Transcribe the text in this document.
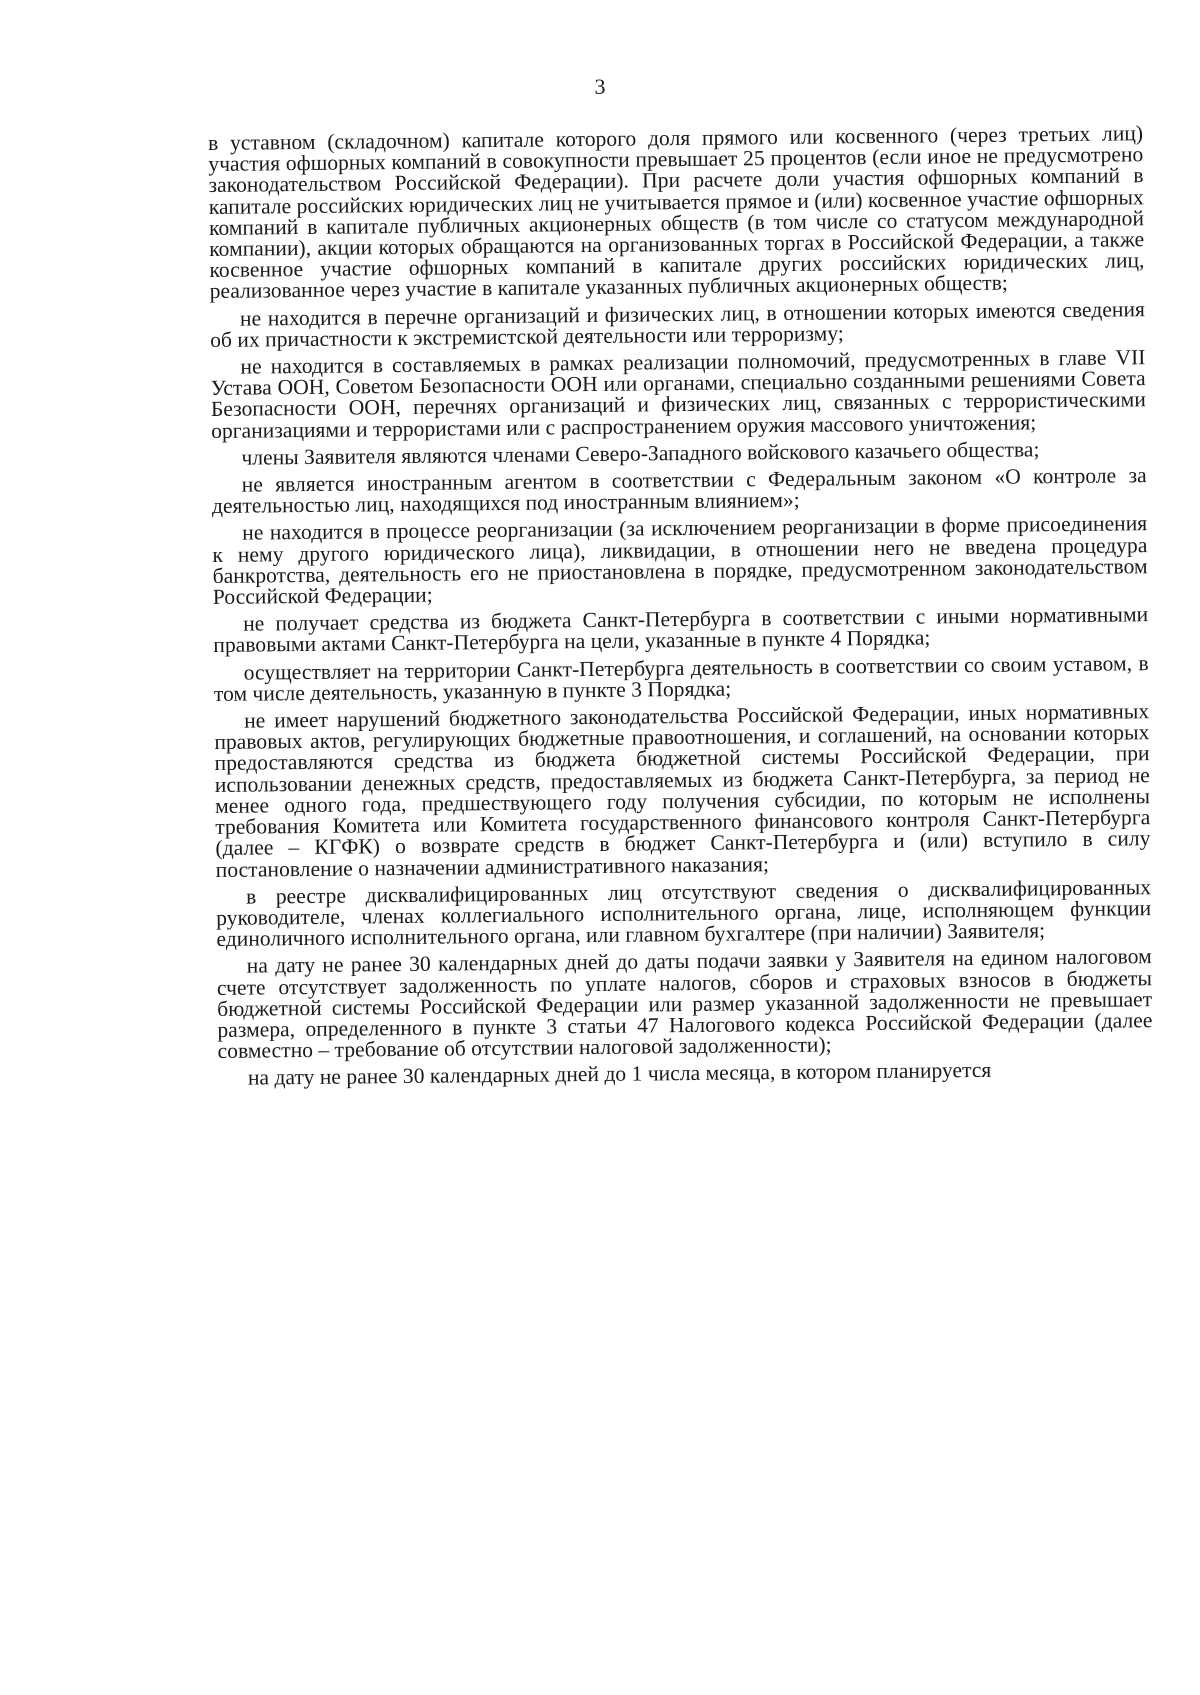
3

в уставном (складочном) капитале которого доля прямого или косвенного (через третьих лиц) участия офшорных компаний в совокупности превышает 25 процентов (если иное не предусмотрено законодательством Российской Федерации). При расчете доли участия офшорных компаний в капитале российских юридических лиц не учитывается прямое и (или) косвенное участие офшорных компаний в капитале публичных акционерных обществ (в том числе со статусом международной компании), акции которых обращаются на организованных торгах в Российской Федерации, а также косвенное участие офшорных компаний в капитале других российских юридических лиц, реализованное через участие в капитале указанных публичных акционерных обществ;

не находится в перечне организаций и физических лиц, в отношении которых имеются сведения об их причастности к экстремистской деятельности или терроризму;

не находится в составляемых в рамках реализации полномочий, предусмотренных в главе VII Устава ООН, Советом Безопасности ООН или органами, специально созданными решениями Совета Безопасности ООН, перечнях организаций и физических лиц, связанных с террористическими организациями и террористами или с распространением оружия массового уничтожения;

члены Заявителя являются членами Северо-Западного войскового казачьего общества;

не является иностранным агентом в соответствии с Федеральным законом «О контроле за деятельностью лиц, находящихся под иностранным влиянием»;

не находится в процессе реорганизации (за исключением реорганизации в форме присоединения к нему другого юридического лица), ликвидации, в отношении него не введена процедура банкротства, деятельность его не приостановлена в порядке, предусмотренном законодательством Российской Федерации;

не получает средства из бюджета Санкт-Петербурга в соответствии с иными нормативными правовыми актами Санкт-Петербурга на цели, указанные в пункте 4 Порядка;

осуществляет на территории Санкт-Петербурга деятельность в соответствии со своим уставом, в том числе деятельность, указанную в пункте 3 Порядка;

не имеет нарушений бюджетного законодательства Российской Федерации, иных нормативных правовых актов, регулирующих бюджетные правоотношения, и соглашений, на основании которых предоставляются средства из бюджета бюджетной системы Российской Федерации, при использовании денежных средств, предоставляемых из бюджета Санкт-Петербурга, за период не менее одного года, предшествующего году получения субсидии, по которым не исполнены требования Комитета или Комитета государственного финансового контроля Санкт-Петербурга (далее – КГФК) о возврате средств в бюджет Санкт-Петербурга и (или) вступило в силу постановление о назначении административного наказания;

в реестре дисквалифицированных лиц отсутствуют сведения о дисквалифицированных руководителе, членах коллегиального исполнительного органа, лице, исполняющем функции единоличного исполнительного органа, или главном бухгалтере (при наличии) Заявителя;

на дату не ранее 30 календарных дней до даты подачи заявки у Заявителя на едином налоговом счете отсутствует задолженность по уплате налогов, сборов и страховых взносов в бюджеты бюджетной системы Российской Федерации или размер указанной задолженности не превышает размера, определенного в пункте 3 статьи 47 Налогового кодекса Российской Федерации (далее совместно – требование об отсутствии налоговой задолженности);

на дату не ранее 30 календарных дней до 1 числа месяца, в котором планируется
